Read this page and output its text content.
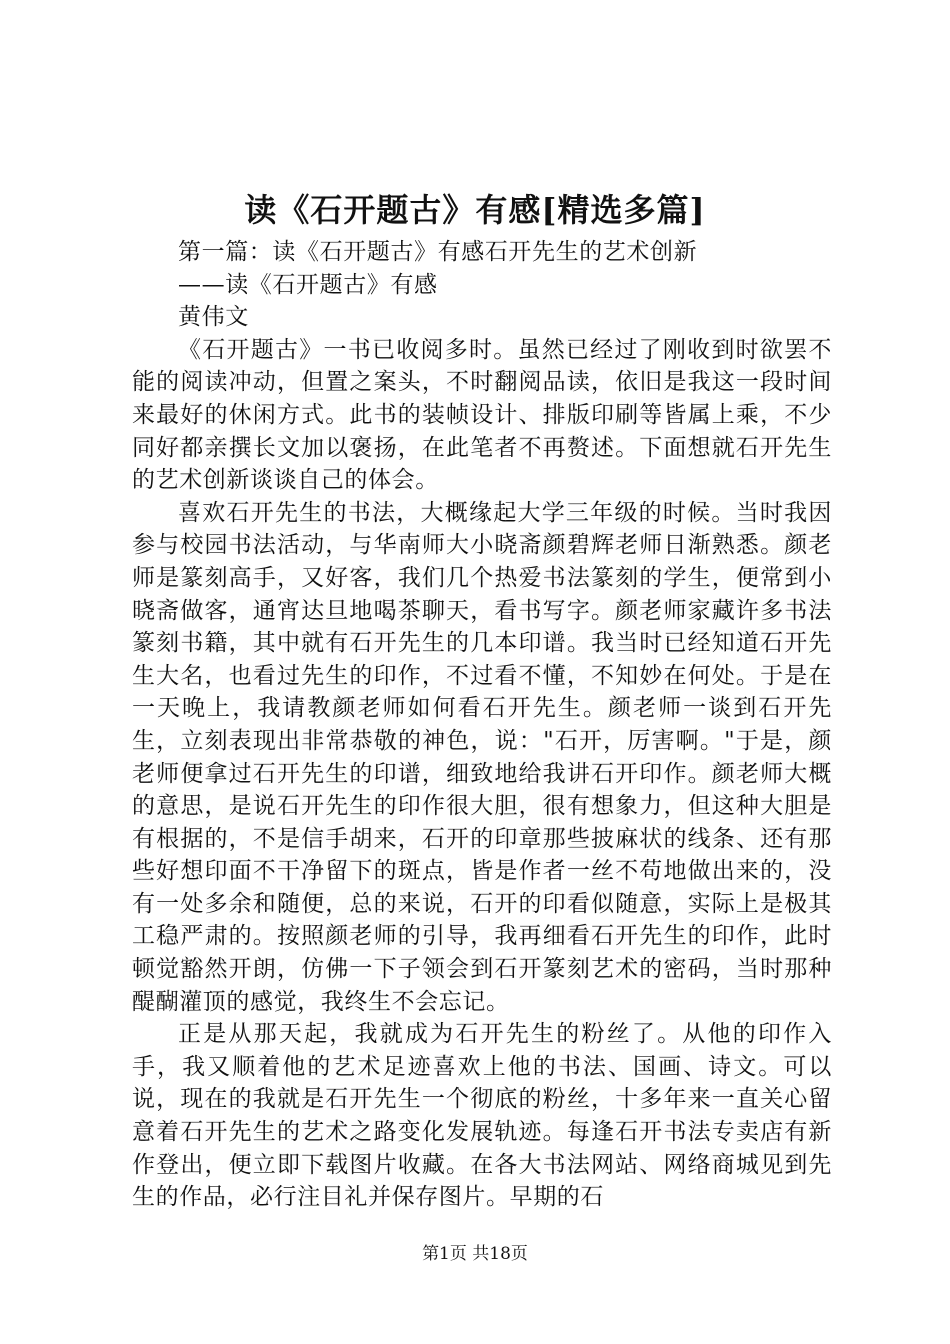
读《石开题古》有感[精选多篇]

第一篇：读《石开题古》有感石开先生的艺术创新

——读《石开题古》有感

黄伟文

《石开题古》一书已收阅多时。虽然已经过了刚收到时欲罢不能的阅读冲动，但置之案头，不时翻阅品读，依旧是我这一段时间来最好的休闲方式。此书的装帧设计、排版印刷等皆属上乘，不少同好都亲撰长文加以褒扬，在此笔者不再赘述。下面想就石开先生的艺术创新谈谈自己的体会。

喜欢石开先生的书法，大概缘起大学三年级的时候。当时我因参与校园书法活动，与华南师大小晓斋颜碧辉老师日渐熟悉。颜老师是篆刻高手，又好客，我们几个热爱书法篆刻的学生，便常到小晓斋做客，通宵达旦地喝茶聊天，看书写字。颜老师家藏许多书法篆刻书籍，其中就有石开先生的几本印谱。我当时已经知道石开先生大名，也看过先生的印作，不过看不懂，不知妙在何处。于是在一天晚上，我请教颜老师如何看石开先生。颜老师一谈到石开先生，立刻表现出非常恭敬的神色，说："石开，厉害啊。"于是，颜老师便拿过石开先生的印谱，细致地给我讲石开印作。颜老师大概的意思，是说石开先生的印作很大胆，很有想象力，但这种大胆是有根据的，不是信手胡来，石开的印章那些披麻状的线条、还有那些好想印面不干净留下的斑点，皆是作者一丝不苟地做出来的，没有一处多余和随便，总的来说，石开的印看似随意，实际上是极其工稳严肃的。按照颜老师的引导，我再细看石开先生的印作，此时顿觉豁然开朗，仿佛一下子领会到石开篆刻艺术的密码，当时那种醍醐灌顶的感觉，我终生不会忘记。

正是从那天起，我就成为石开先生的粉丝了。从他的印作入手，我又顺着他的艺术足迹喜欢上他的书法、国画、诗文。可以说，现在的我就是石开先生一个彻底的粉丝，十多年来一直关心留意着石开先生的艺术之路变化发展轨迹。每逢石开书法专卖店有新作登出，便立即下载图片收藏。在各大书法网站、网络商城见到先生的作品，必行注目礼并保存图片。早期的石

第1页 共18页
